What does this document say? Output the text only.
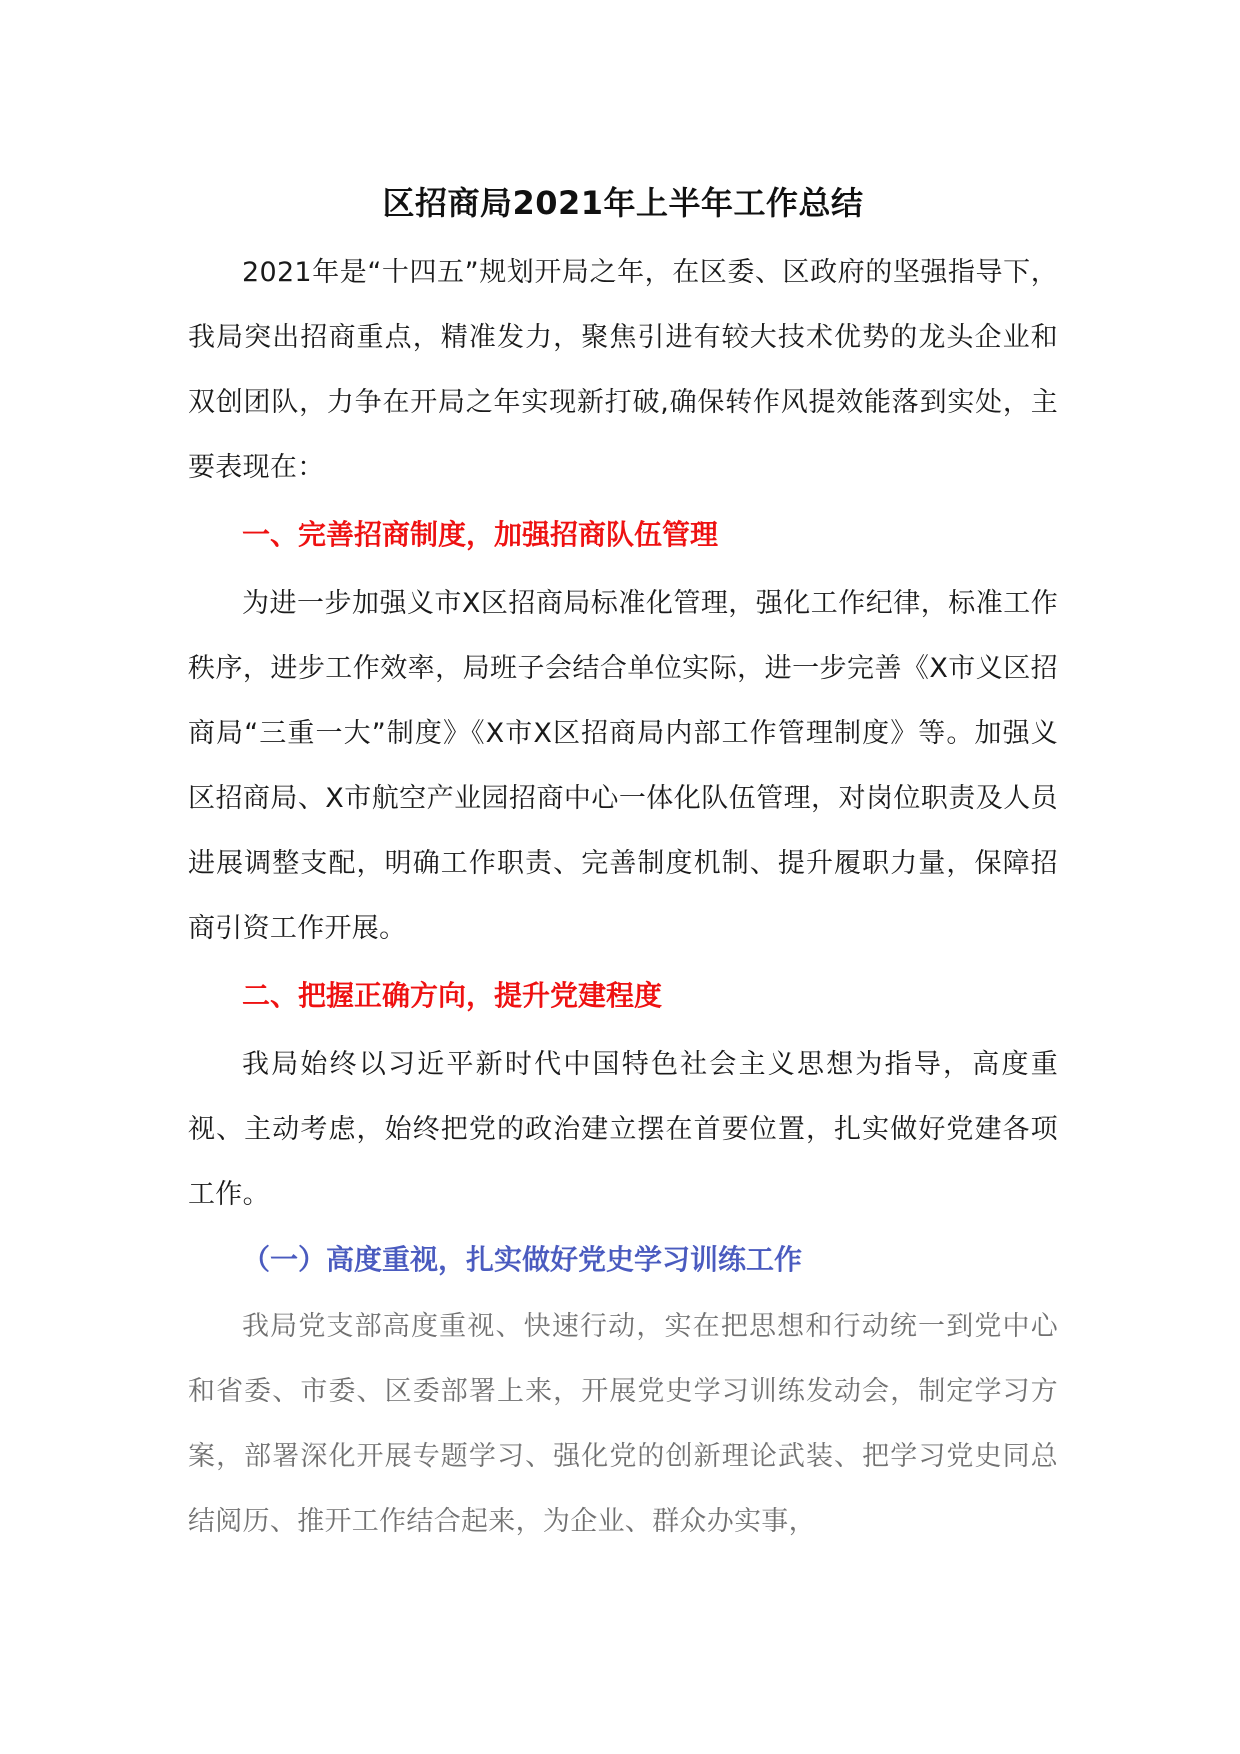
区招商局2021年上半年工作总结

2021年是“十四五”规划开局之年，在区委、区政府的坚强指导下，我局突出招商重点，精准发力，聚焦引进有较大技术优势的龙头企业和双创团队，力争在开局之年实现新打破,确保转作风提效能落到实处，主要表现在：

一、完善招商制度，加强招商队伍管理

为进一步加强义市X区招商局标准化管理，强化工作纪律，标准工作秩序，进步工作效率，局班子会结合单位实际，进一步完善《X市义区招商局“三重一大”制度》《X市X区招商局内部工作管理制度》等。加强义区招商局、X市航空产业园招商中心一体化队伍管理，对岗位职责及人员进展调整支配，明确工作职责、完善制度机制、提升履职力量，保障招商引资工作开展。

二、把握正确方向，提升党建程度

我局始终以习近平新时代中国特色社会主义思想为指导，高度重视、主动考虑，始终把党的政治建立摆在首要位置，扎实做好党建各项工作。

（一）高度重视，扎实做好党史学习训练工作

我局党支部高度重视、快速行动，实在把思想和行动统一到党中心和省委、市委、区委部署上来，开展党史学习训练发动会，制定学习方案，部署深化开展专题学习、强化党的创新理论武装、把学习党史同总结阅历、推开工作结合起来，为企业、群众办实事，
